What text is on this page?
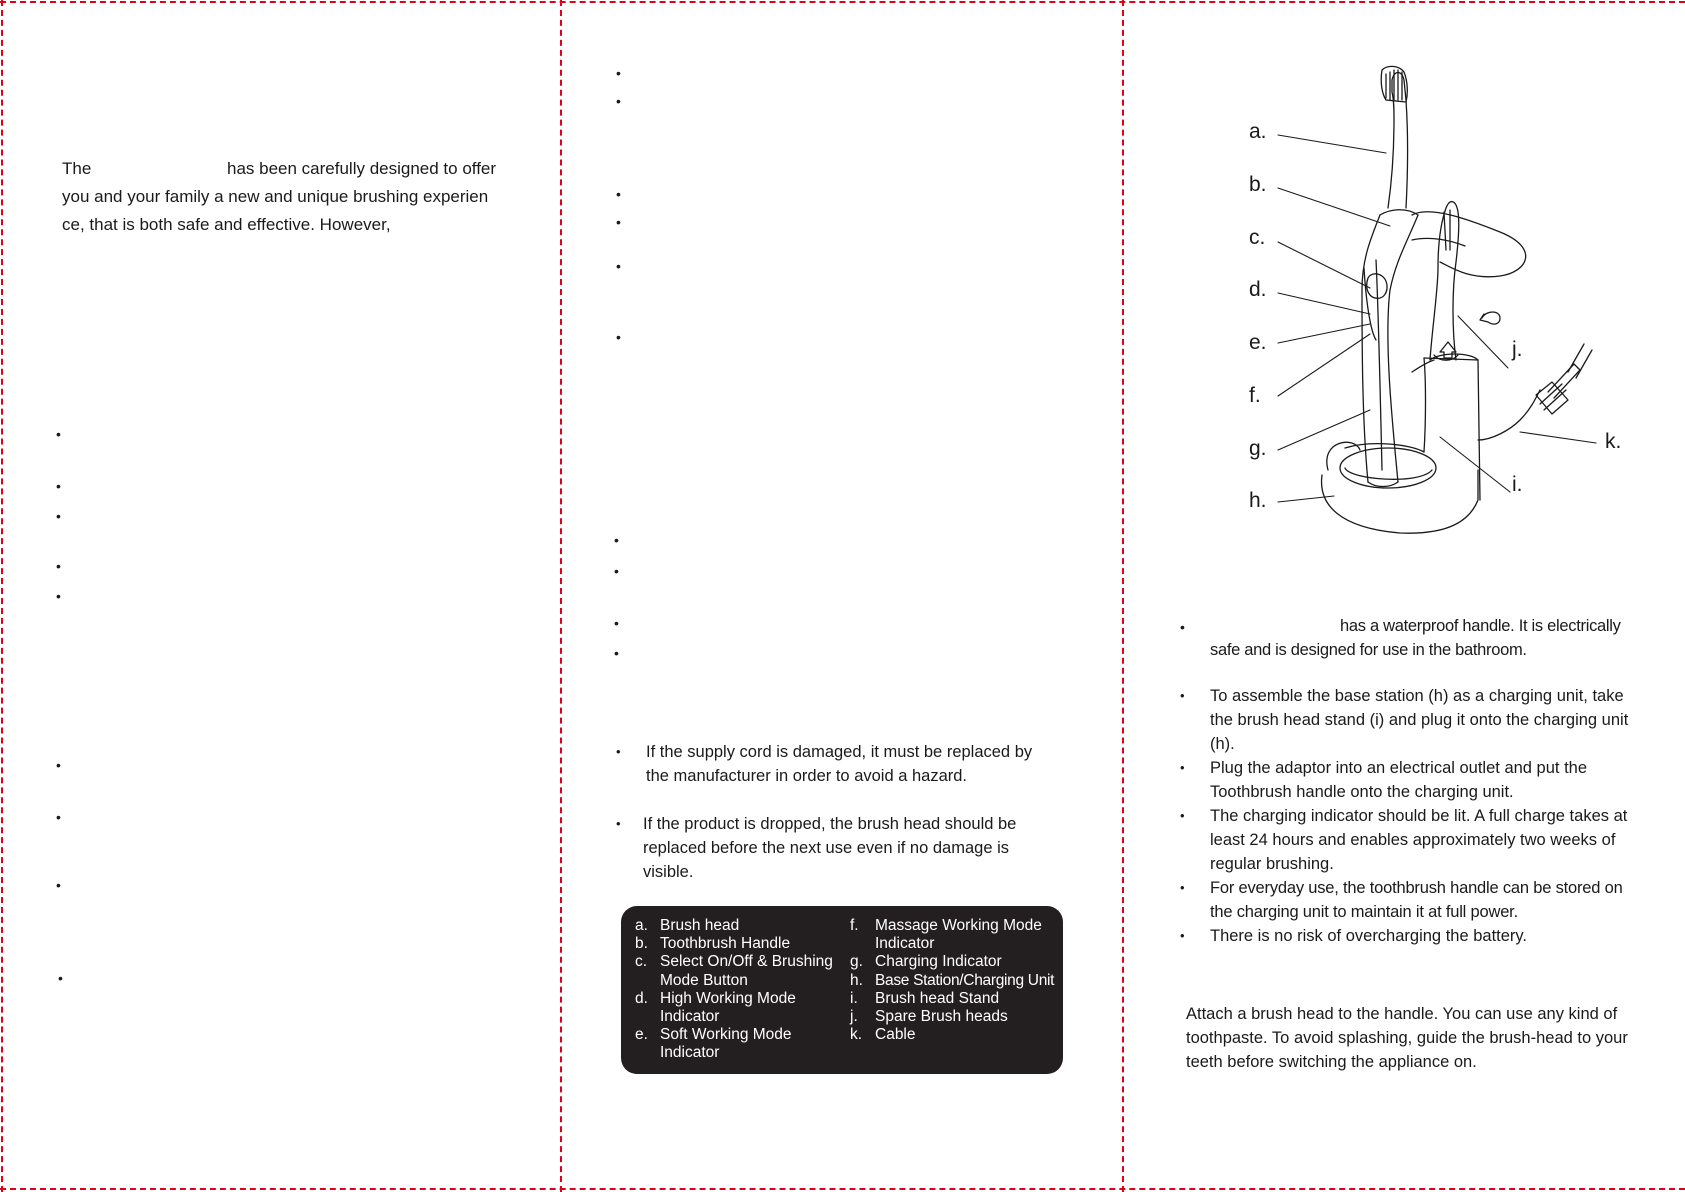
The	has been carefully designed to offer
you and your family a new and unique brushing experien
ce, that is both safe and effective. However,
•
•
•
•
•
•
•
•
•
•
•
•
•
•
•
•
•
•
•
• If the supply cord is damaged, it must be replaced by the manufacturer in order to avoid a hazard.
• If the product is dropped, the brush head should be replaced before the next use even if no damage is visible.
a. Brush head
b. Toothbrush Handle
c. Select On/Off & Brushing Mode Button
d. High Working Mode Indicator
e. Soft Working Mode Indicator
f. Massage Working Mode Indicator
g. Charging Indicator
h. Base Station/Charging Unit
i. Brush head Stand
j. Spare Brush heads
k. Cable
a.
b.
c.
d.
e.
f.
g.
h.
j.
i.
k.
•	has a waterproof handle. It is electrically
safe and is designed for use in the bathroom.
• To assemble the base station (h) as a charging unit, take the brush head stand (i) and plug it onto the charging unit (h).
• Plug the adaptor into an electrical outlet and put the Toothbrush handle onto the charging unit.
• The charging indicator should be lit. A full charge takes at least 24 hours and enables approximately two weeks of regular brushing.
• For everyday use, the toothbrush handle can be stored on the charging unit to maintain it at full power.
• There is no risk of overcharging the battery.

Attach a brush head to the handle. You can use any kind of toothpaste. To avoid splashing, guide the brush-head to your teeth before switching the appliance on.
